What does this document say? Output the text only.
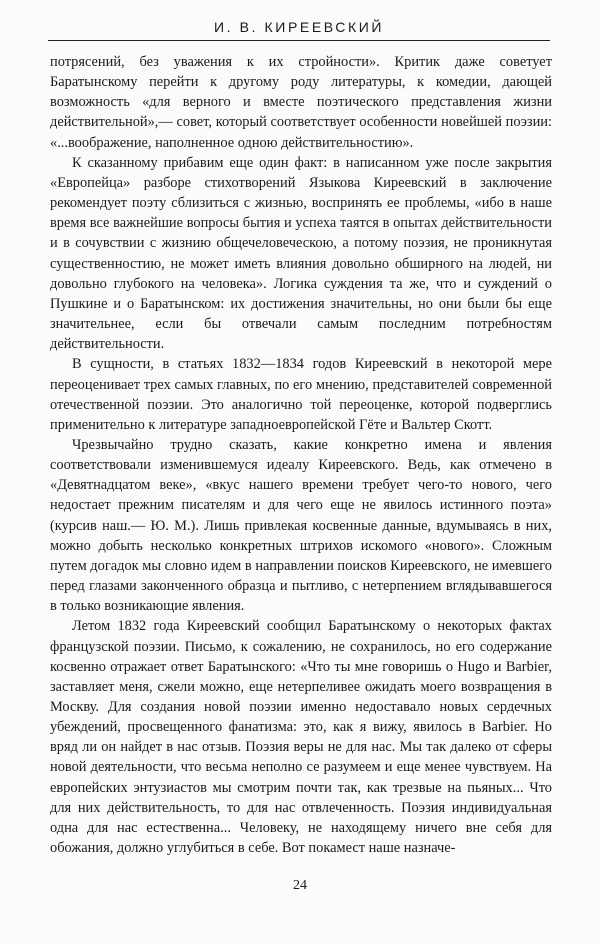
И. В. КИРЕЕВСКИЙ

потрясений, без уважения к их стройности». Критик даже советует Баратынскому перейти к другому роду литературы, к комедии, дающей возможность «для верного и вместе поэтического представления жизни действительной»,— совет, который соответствует особенности новейшей поэзии: «...воображение, наполненное одною действительностию».

К сказанному прибавим еще один факт: в написанном уже после закрытия «Европейца» разборе стихотворений Языкова Киреевский в заключение рекомендует поэту сблизиться с жизнью, воспринять ее проблемы, «ибо в наше время все важнейшие вопросы бытия и успеха таятся в опытах действительности и в сочувствии с жизнию общечеловеческою, а потому поэзия, не проникнутая существенностию, не может иметь влияния довольно обширного на людей, ни довольно глубокого на человека». Логика суждения та же, что и суждений о Пушкине и о Баратынском: их достижения значительны, но они были бы еще значительнее, если бы отвечали самым последним потребностям действительности.

В сущности, в статьях 1832—1834 годов Киреевский в некоторой мере переоценивает трех самых главных, по его мнению, представителей современной отечественной поэзии. Это аналогично той переоценке, которой подверглись применительно к литературе западноевропейской Гёте и Вальтер Скотт.

Чрезвычайно трудно сказать, какие конкретно имена и явления соответствовали изменившемуся идеалу Киреевского. Ведь, как отмечено в «Девятнадцатом веке», «вкус нашего времени требует чего-то нового, чего недостает прежним писателям и для чего еще не явилось истинного поэта» (курсив наш.— Ю. М.). Лишь привлекая косвенные данные, вдумываясь в них, можно добыть несколько конкретных штрихов искомого «нового». Сложным путем догадок мы словно идем в направлении поисков Киреевского, не имевшего перед глазами законченного образца и пытливо, с нетерпением вглядывавшегося в только возникающие явления.

Летом 1832 года Киреевский сообщил Баратынскому о некоторых фактах французской поэзии. Письмо, к сожалению, не сохранилось, но его содержание косвенно отражает ответ Баратынского: «Что ты мне говоришь о Hugo и Barbier, заставляет меня, сжели можно, еще нетерпеливее ожидать моего возвращения в Москву. Для создания новой поэзии именно недоставало новых сердечных убеждений, просвещенного фанатизма: это, как я вижу, явилось в Barbier. Но вряд ли он найдет в нас отзыв. Поэзия веры не для нас. Мы так далеко от сферы новой деятельности, что весьма неполно се разумеем и еще менее чувствуем. На европейских энтузиастов мы смотрим почти так, как трезвые на пьяных... Что для них действительность, то для нас отвлеченность. Поэзия индивидуальная одна для нас естественна... Человеку, не находящему ничего вне себя для обожания, должно углубиться в себе. Вот покамест наше назначе-

24
